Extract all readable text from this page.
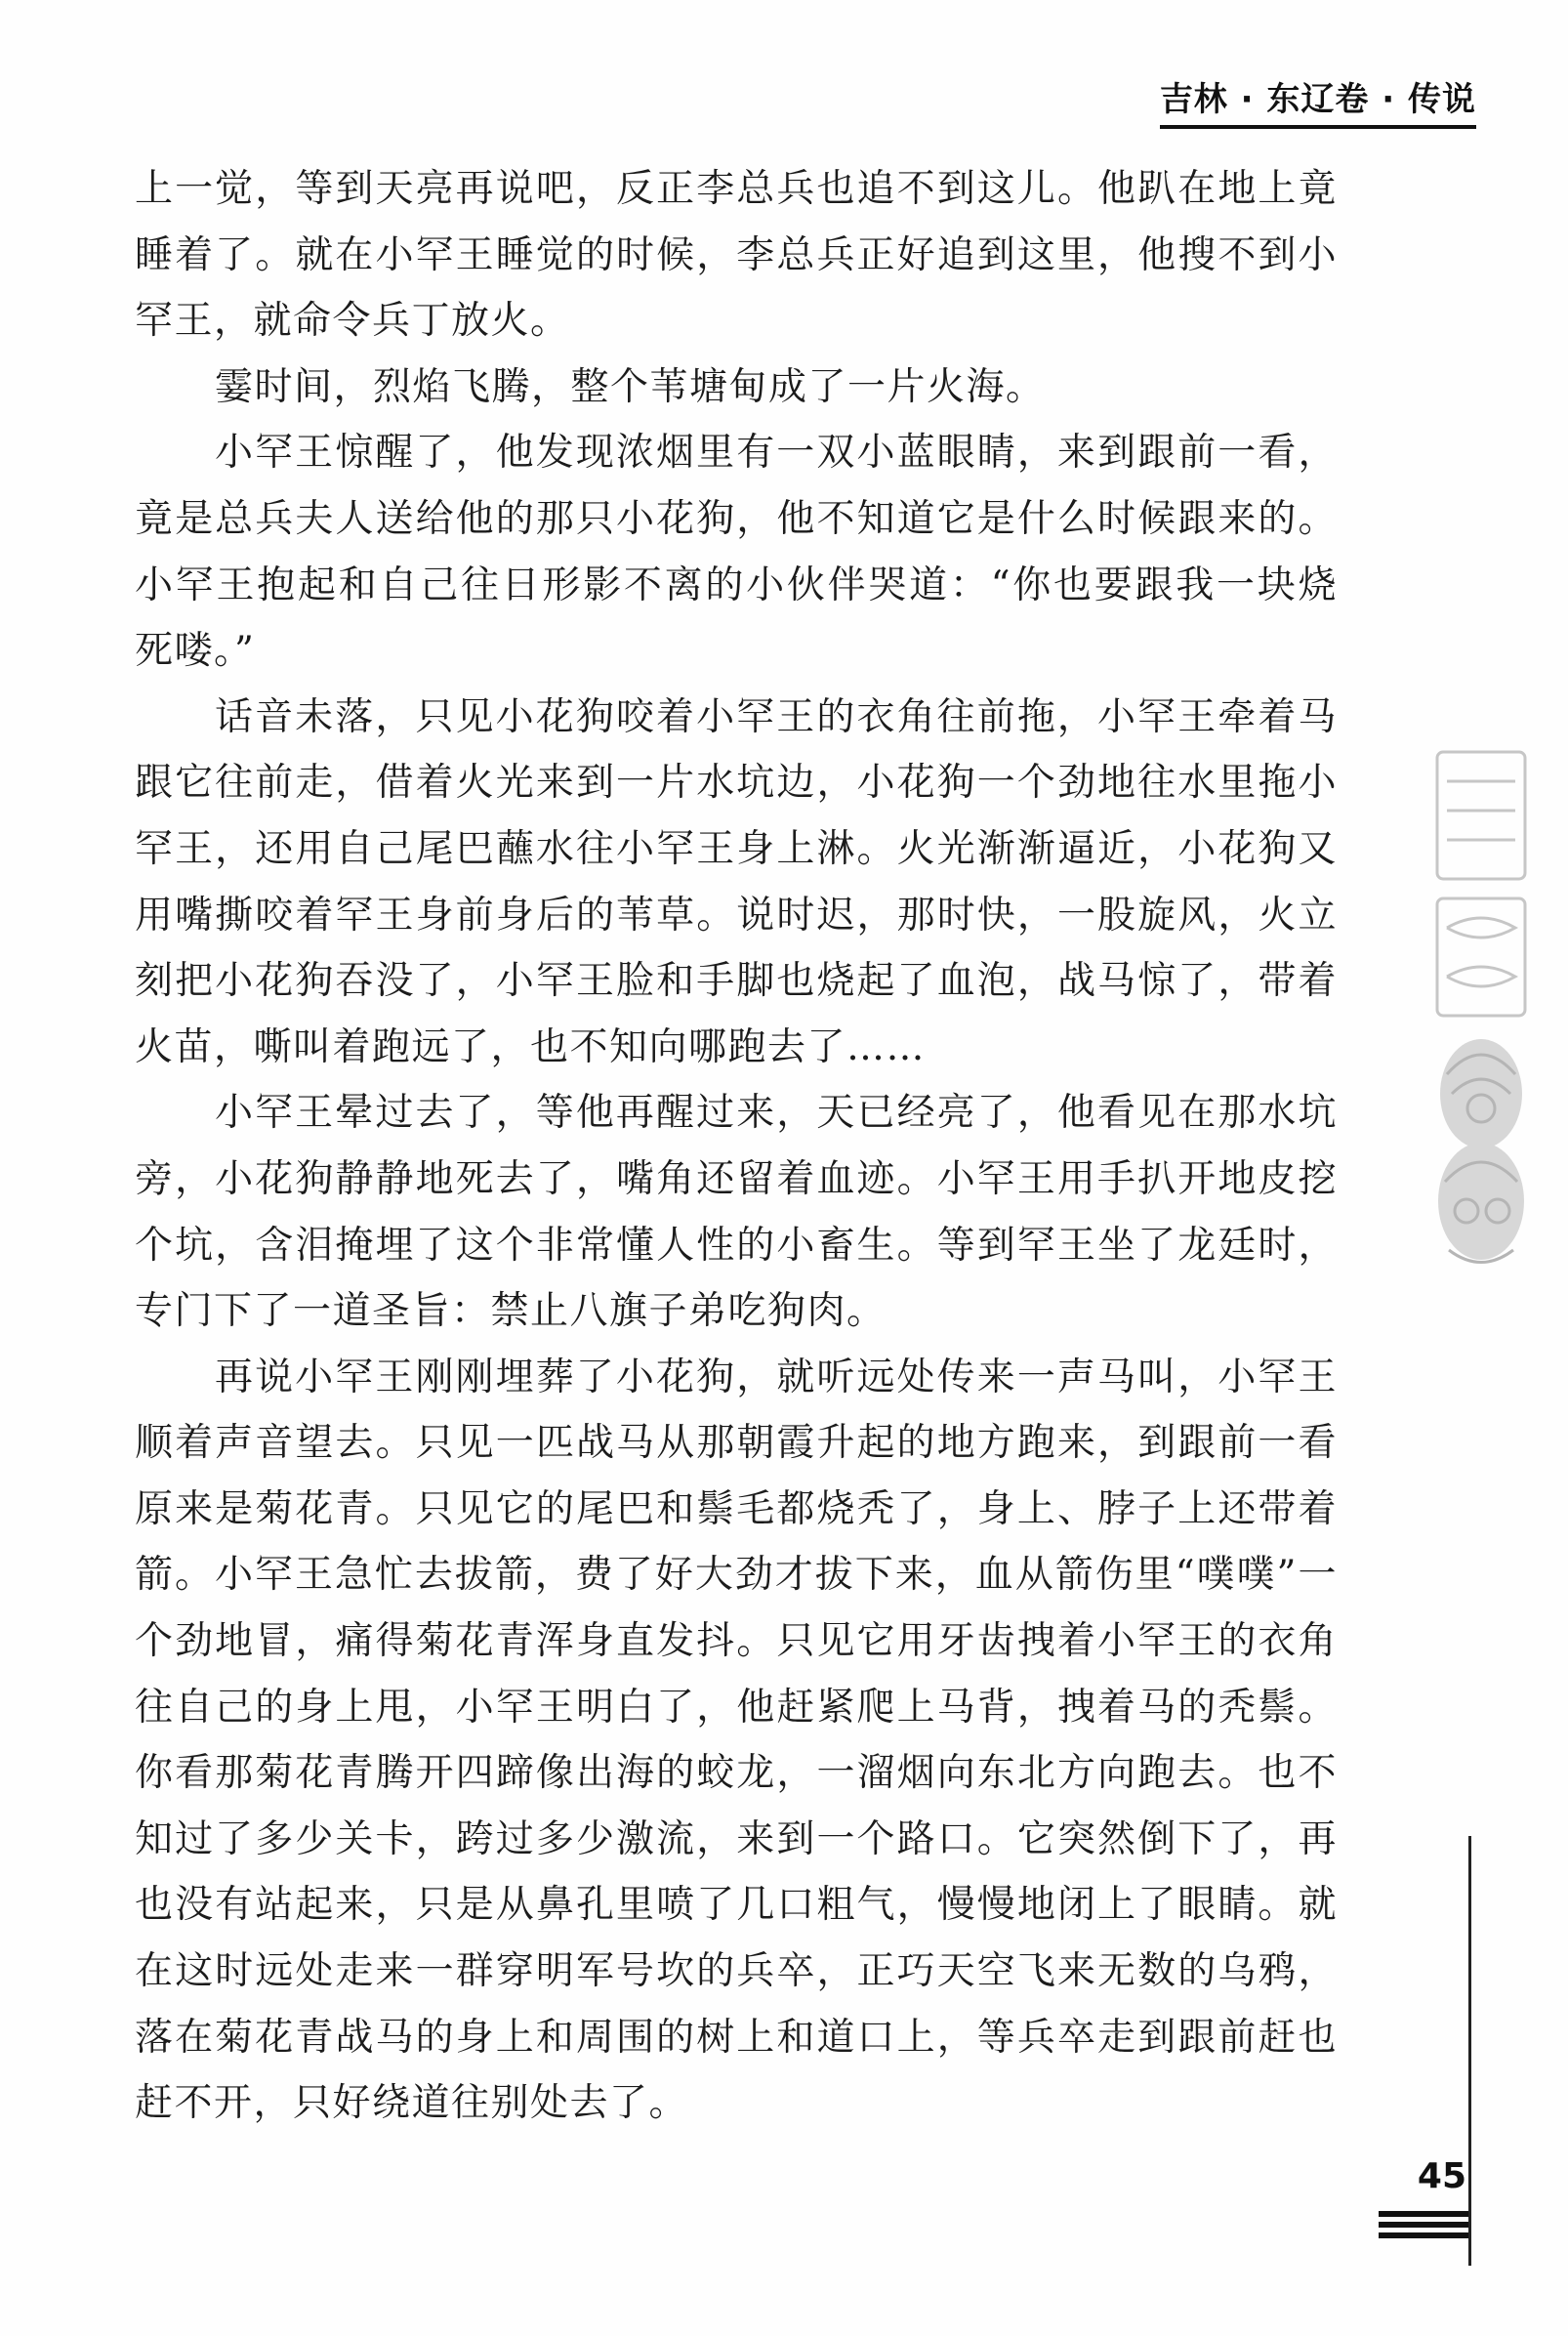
吉林 · 东辽卷 · 传说

上一觉，等到天亮再说吧，反正李总兵也追不到这儿。他趴在地上竟睡着了。就在小罕王睡觉的时候，李总兵正好追到这里，他搜不到小罕王，就命令兵丁放火。

霎时间，烈焰飞腾，整个苇塘甸成了一片火海。

小罕王惊醒了，他发现浓烟里有一双小蓝眼睛，来到跟前一看，竟是总兵夫人送给他的那只小花狗，他不知道它是什么时候跟来的。小罕王抱起和自己往日形影不离的小伙伴哭道：“你也要跟我一块烧死喽。”

话音未落，只见小花狗咬着小罕王的衣角往前拖，小罕王牵着马跟它往前走，借着火光来到一片水坑边，小花狗一个劲地往水里拖小罕王，还用自己尾巴蘸水往小罕王身上淋。火光渐渐逼近，小花狗又用嘴撕咬着罕王身前身后的苇草。说时迟，那时快，一股旋风，火立刻把小花狗吞没了，小罕王脸和手脚也烧起了血泡，战马惊了，带着火苗，嘶叫着跑远了，也不知向哪跑去了……

小罕王晕过去了，等他再醒过来，天已经亮了，他看见在那水坑旁，小花狗静静地死去了，嘴角还留着血迹。小罕王用手扒开地皮挖个坑，含泪掩埋了这个非常懂人性的小畜生。等到罕王坐了龙廷时，专门下了一道圣旨：禁止八旗子弟吃狗肉。

再说小罕王刚刚埋葬了小花狗，就听远处传来一声马叫，小罕王顺着声音望去。只见一匹战马从那朝霞升起的地方跑来，到跟前一看原来是菊花青。只见它的尾巴和鬃毛都烧秃了，身上、脖子上还带着箭。小罕王急忙去拔箭，费了好大劲才拔下来，血从箭伤里“噗噗”一个劲地冒，痛得菊花青浑身直发抖。只见它用牙齿拽着小罕王的衣角往自己的身上甩，小罕王明白了，他赶紧爬上马背，拽着马的秃鬃。你看那菊花青腾开四蹄像出海的蛟龙，一溜烟向东北方向跑去。也不知过了多少关卡，跨过多少激流，来到一个路口。它突然倒下了，再也没有站起来，只是从鼻孔里喷了几口粗气，慢慢地闭上了眼睛。就在这时远处走来一群穿明军号坎的兵卒，正巧天空飞来无数的乌鸦，落在菊花青战马的身上和周围的树上和道口上，等兵卒走到跟前赶也赶不开，只好绕道往别处去了。

45
